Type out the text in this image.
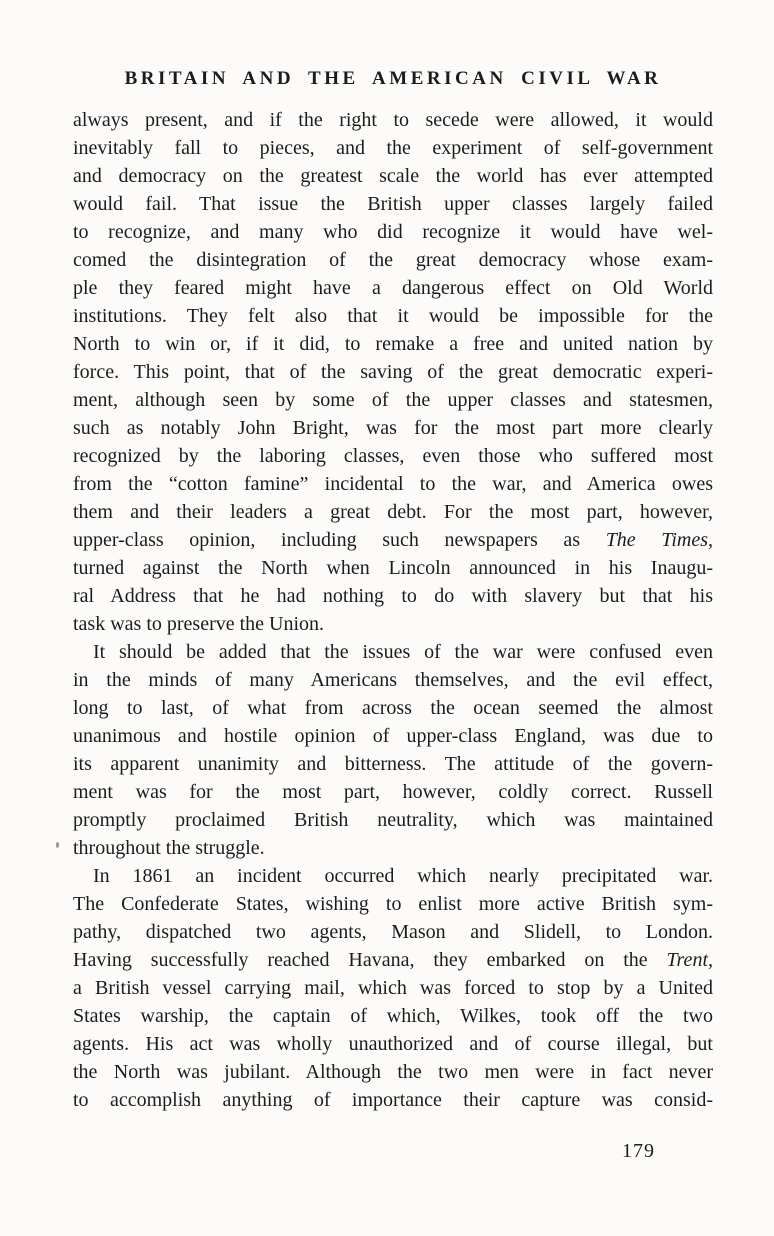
BRITAIN AND THE AMERICAN CIVIL WAR
always present, and if the right to secede were allowed, it would
inevitably fall to pieces, and the experiment of self-government
and democracy on the greatest scale the world has ever attempted
would fail. That issue the British upper classes largely failed
to recognize, and many who did recognize it would have wel-
comed the disintegration of the great democracy whose exam-
ple they feared might have a dangerous effect on Old World
institutions. They felt also that it would be impossible for the
North to win or, if it did, to remake a free and united nation by
force. This point, that of the saving of the great democratic experi-
ment, although seen by some of the upper classes and statesmen,
such as notably John Bright, was for the most part more clearly
recognized by the laboring classes, even those who suffered most
from the “cotton famine” incidental to the war, and America owes
them and their leaders a great debt. For the most part, however,
upper-class opinion, including such newspapers as The Times,
turned against the North when Lincoln announced in his Inaugu-
ral Address that he had nothing to do with slavery but that his
task was to preserve the Union.
It should be added that the issues of the war were confused even
in the minds of many Americans themselves, and the evil effect,
long to last, of what from across the ocean seemed the almost
unanimous and hostile opinion of upper-class England, was due to
its apparent unanimity and bitterness. The attitude of the govern-
ment was for the most part, however, coldly correct. Russell
promptly proclaimed British neutrality, which was maintained
throughout the struggle.
In 1861 an incident occurred which nearly precipitated war.
The Confederate States, wishing to enlist more active British sym-
pathy, dispatched two agents, Mason and Slidell, to London.
Having successfully reached Havana, they embarked on the Trent,
a British vessel carrying mail, which was forced to stop by a United
States warship, the captain of which, Wilkes, took off the two
agents. His act was wholly unauthorized and of course illegal, but
the North was jubilant. Although the two men were in fact never
to accomplish anything of importance their capture was consid-
179
